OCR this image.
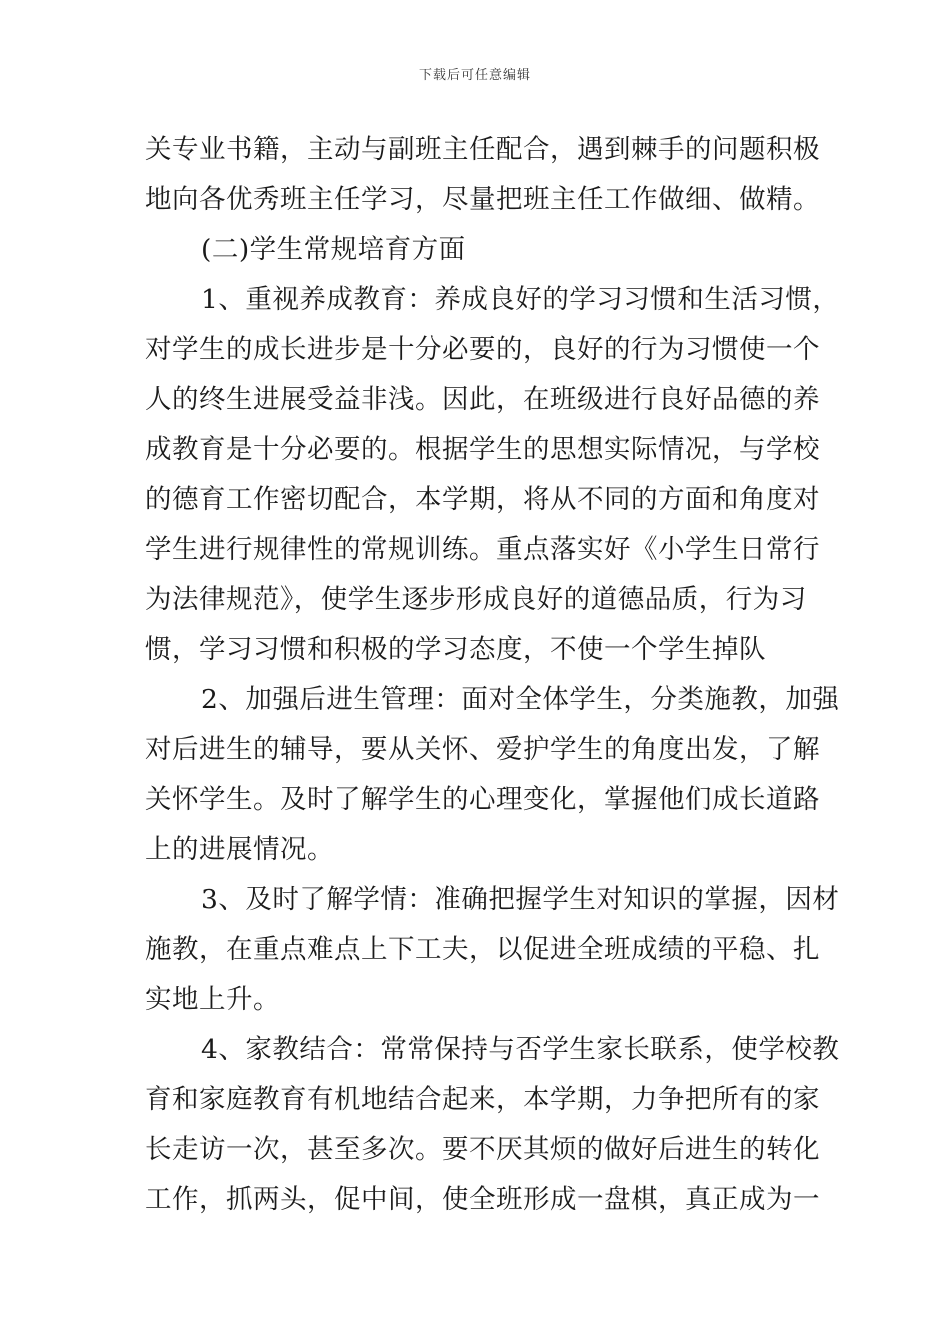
下载后可任意编辑
关专业书籍，主动与副班主任配合，遇到棘手的问题积极
地向各优秀班主任学习，尽量把班主任工作做细、做精。
(二)学生常规培育方面
1、重视养成教育：养成良好的学习习惯和生活习惯，
对学生的成长进步是十分必要的，良好的行为习惯使一个
人的终生进展受益非浅。因此，在班级进行良好品德的养
成教育是十分必要的。根据学生的思想实际情况，与学校
的德育工作密切配合，本学期，将从不同的方面和角度对
学生进行规律性的常规训练。重点落实好《小学生日常行
为法律规范》，使学生逐步形成良好的道德品质，行为习
惯，学习习惯和积极的学习态度，不使一个学生掉队
2、加强后进生管理：面对全体学生，分类施教，加强
对后进生的辅导，要从关怀、爱护学生的角度出发，了解
关怀学生。及时了解学生的心理变化，掌握他们成长道路
上的进展情况。
3、及时了解学情：准确把握学生对知识的掌握，因材
施教，在重点难点上下工夫，以促进全班成绩的平稳、扎
实地上升。
4、家教结合：常常保持与否学生家长联系，使学校教
育和家庭教育有机地结合起来，本学期，力争把所有的家
长走访一次，甚至多次。要不厌其烦的做好后进生的转化
工作，抓两头，促中间，使全班形成一盘棋，真正成为一
